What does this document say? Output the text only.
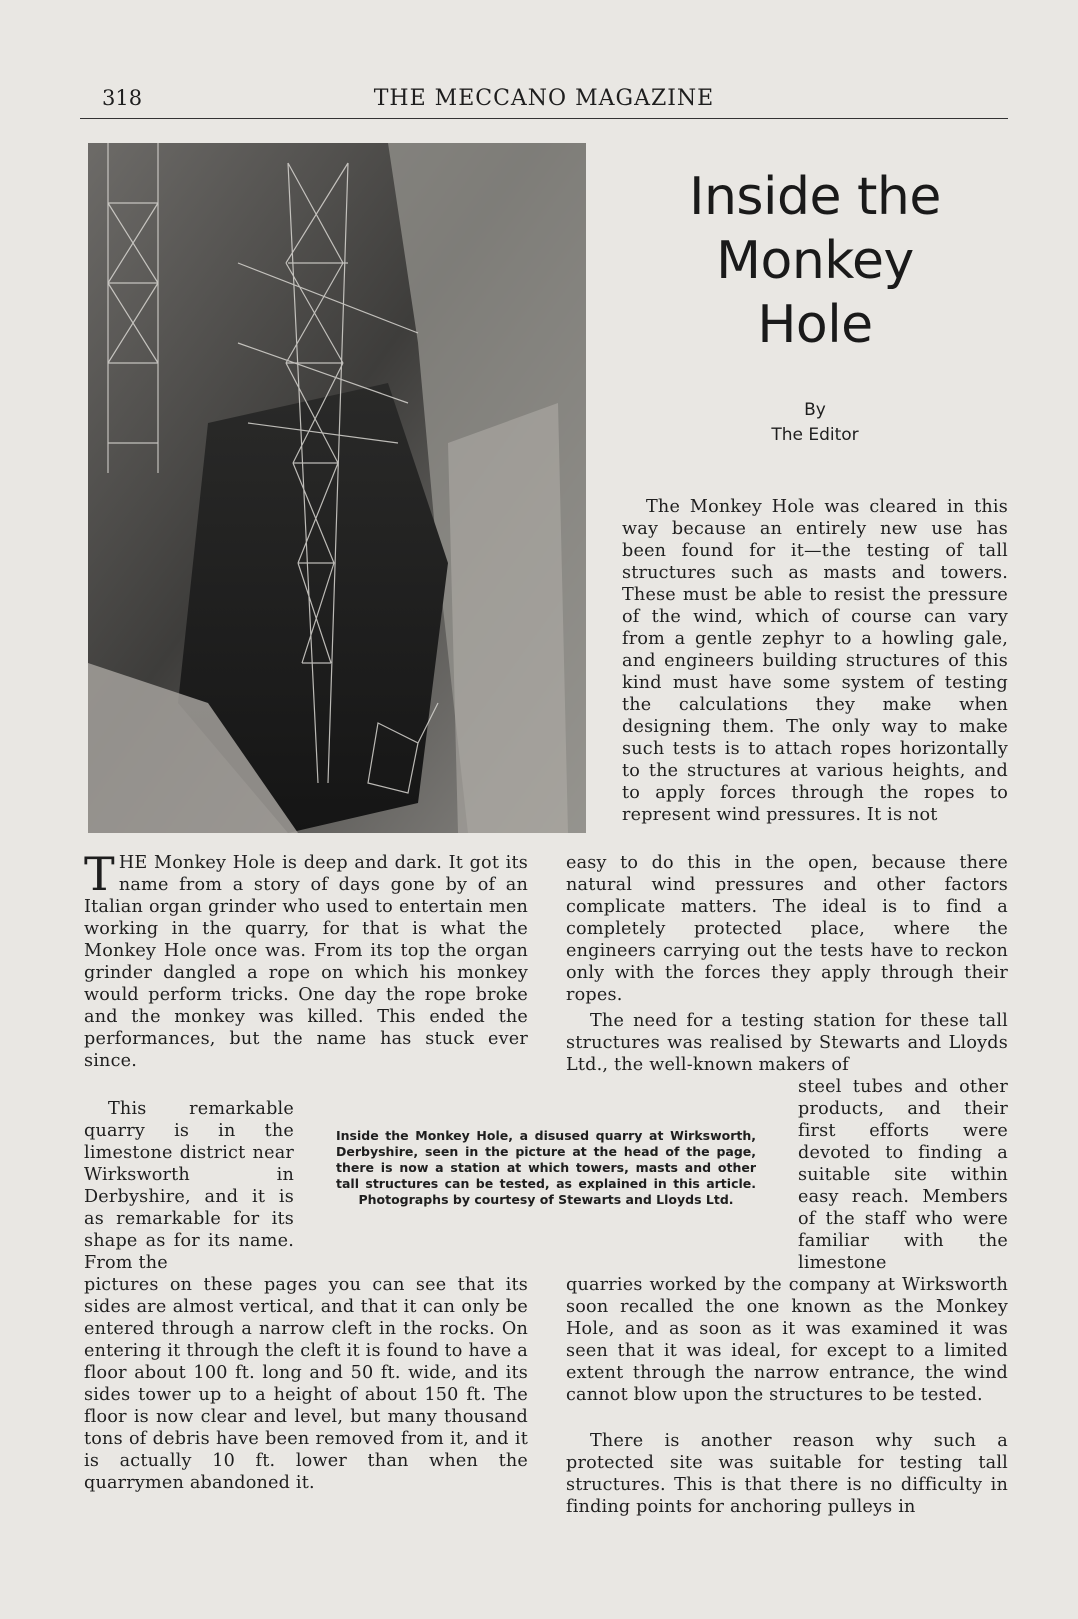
318	THE MECCANO MAGAZINE
Inside the
Monkey
Hole
By
The Editor

The Monkey Hole was cleared in this way because an entirely new use has been found for it—the testing of tall structures such as masts and towers. These must be able to resist the pressure of the wind, which of course can vary from a gentle zephyr to a howling gale, and engineers building structures of this kind must have some system of testing the calculations they make when designing them. The only way to make such tests is to attach ropes horizontally to the structures at various heights, and to apply forces through the ropes to represent wind pressures. It is not

easy to do this in the open, because there natural wind pressures and other factors complicate matters. The ideal is to find a completely protected place, where the engineers carrying out the tests have to reckon only with the forces they apply through their ropes.

The need for a testing station for these tall structures was realised by Stewarts and Lloyds Ltd., the well-known makers of

steel tubes and other products, and their first efforts were devoted to finding a suitable site within easy reach. Members of the staff who were familiar with the limestone

quarries worked by the company at Wirksworth soon recalled the one known as the Monkey Hole, and as soon as it was examined it was seen that it was ideal, for except to a limited extent through the narrow entrance, the wind cannot blow upon the structures to be tested.

There is another reason why such a protected site was suitable for testing tall structures. This is that there is no difficulty in finding points for anchoring pulleys in

THE Monkey Hole is deep and dark. It got its name from a story of days gone by of an Italian organ grinder who used to entertain men working in the quarry, for that is what the Monkey Hole once was. From its top the organ grinder dangled a rope on which his monkey would perform tricks. One day the rope broke and the monkey was killed. This ended the performances, but the name has stuck ever since.

This remarkable quarry is in the limestone district near Wirksworth in Derbyshire, and it is as remarkable for its shape as for its name. From the

pictures on these pages you can see that its sides are almost vertical, and that it can only be entered through a narrow cleft in the rocks. On entering it through the cleft it is found to have a floor about 100 ft. long and 50 ft. wide, and its sides tower up to a height of about 150 ft. The floor is now clear and level, but many thousand tons of debris have been removed from it, and it is actually 10 ft. lower than when the quarrymen abandoned it.

Inside the Monkey Hole, a disused quarry at Wirksworth, Derbyshire, seen in the picture at the head of the page, there is now a station at which towers, masts and other tall structures can be tested, as explained in this article. Photographs by courtesy of Stewarts and Lloyds Ltd.
